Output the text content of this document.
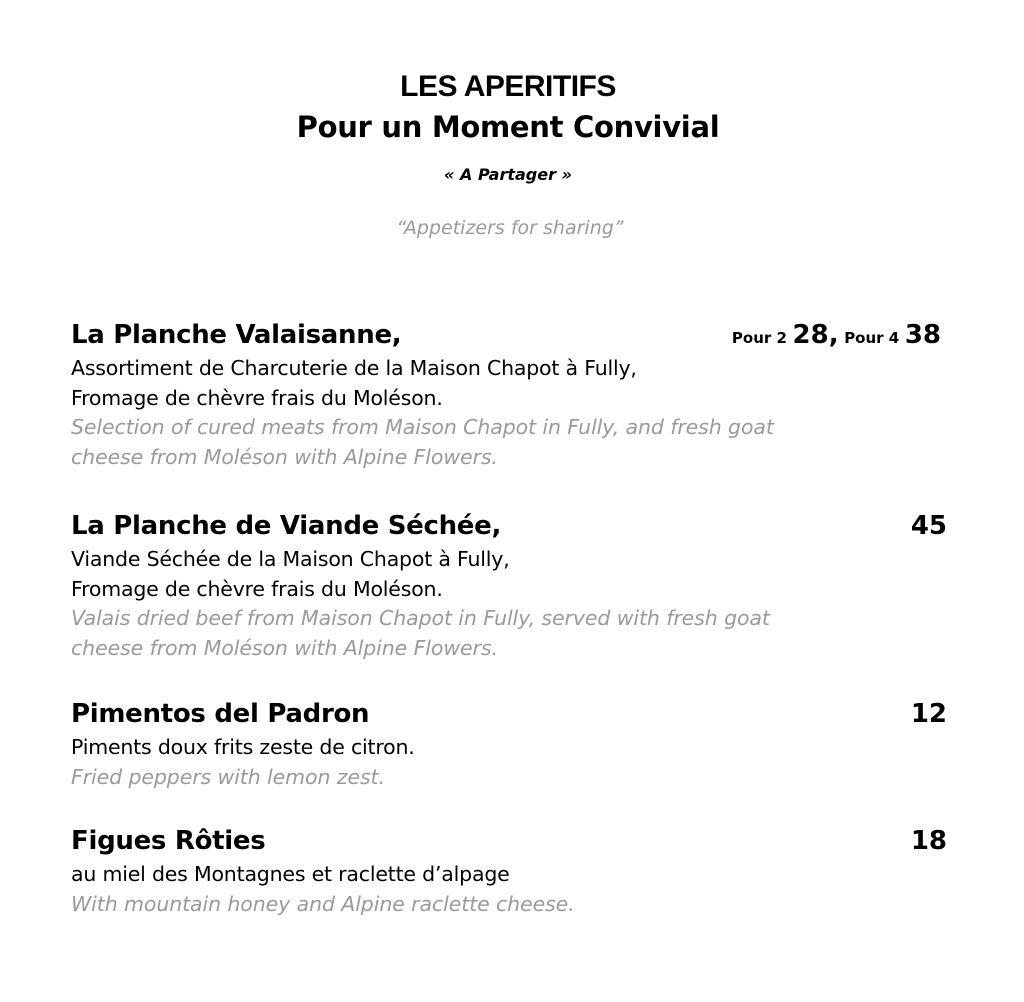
LES APERITIFS
Pour un Moment Convivial
« A Partager »
“Appetizers for sharing”
La Planche Valaisanne,	Pour 2 28, Pour 4 38
Assortiment de Charcuterie de la Maison Chapot à Fully,
Fromage de chèvre frais du Moléson.
Selection of cured meats from Maison Chapot in Fully, and fresh goat
cheese from Moléson with Alpine Flowers.
La Planche de Viande Séchée,	45
Viande Séchée de la Maison Chapot à Fully,
Fromage de chèvre frais du Moléson.
Valais dried beef from Maison Chapot in Fully, served with fresh goat
cheese from Moléson with Alpine Flowers.
Pimentos del Padron	12
Piments doux frits zeste de citron.
Fried peppers with lemon zest.
Figues Rôties	18
au miel des Montagnes et raclette d’alpage
With mountain honey and Alpine raclette cheese.
